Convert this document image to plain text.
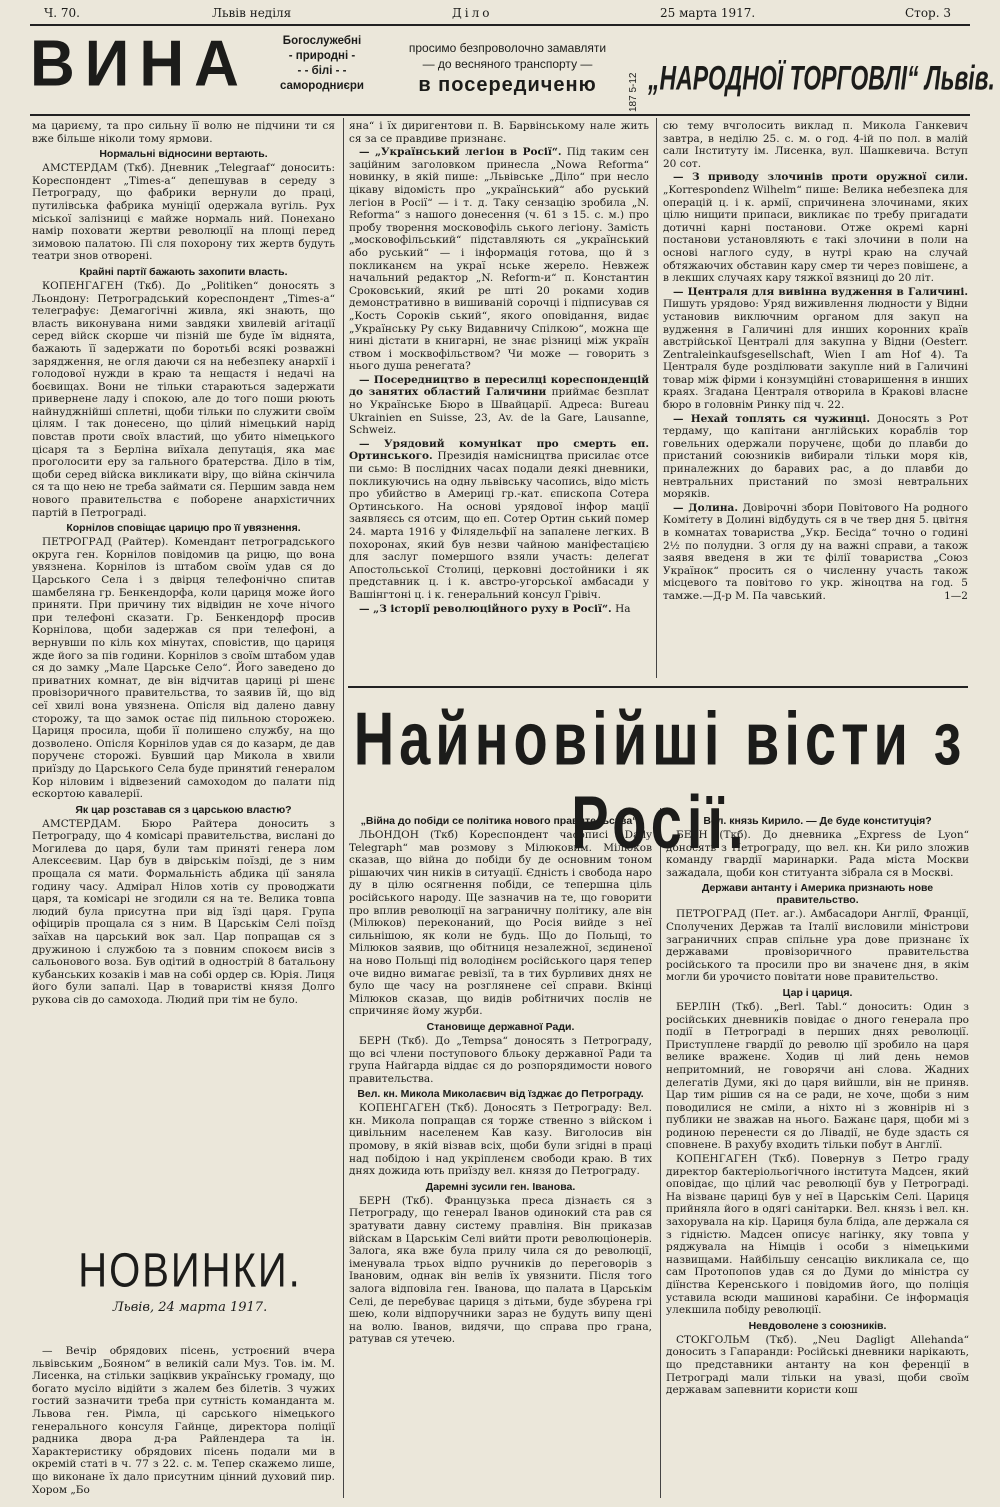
Ч. 70.	Львів неділя	Діло	25 марта 1917.	Стор. 3
ВИНА	Богослужебні
- природні -
- - білі - -
самородниєри
просимо безпроволочно замавляти
— до весняного транспорту —
в посередиченю	187 5-12 „НАРОДНОЇ ТОРГОВЛІ“ Львів.

ма цариєму, та про сильну її волю не підчини ти ся вже більше ніколи тому ярмови.

Нормальні відносини вертають.

АМСТЕРДАМ (Ткб). Дневник „Telegraaf“ доносить: Кореспондент „Times-a“ депешував в середу з Петрограду, що фабрики вернули до праці, путилівська фабрика муніції одержала вугіль. Рух міської залізниці є майже нормаль ний. Понехано намір поховати жертви революції на площі перед зимовою палатою. Пі сля похорону тих жертв будуть театри знов отворені.

Крайні партії бажають захопити власть.

КОПЕНГАГЕН (Ткб). До „Politiken“ доносять з Льондону: Петроградський кореспондент „Times-a“ телеграфує: Демагогічні живла, які знають, що власть виконувана ними завдяки хвилевій агітації серед війск скорше чи пізній ше буде їм віднята, бажають її задержати по боротьбі всякі розважні зарядження, не огля даючи ся на небезпеку анархії і голодової нужди в краю та нещастя і недачі на боєвищах. Вони не тільки стараються задержати привернене ладу і спокою, але до того поши рюють найнуджнійші сплетні, щоби тільки по служити своїм цілям. І так донесено, що цілий німецький нарід повстав проти своїх властий, що убито німецького цісаря та з Берліна виїхала депутація, яка має проголосити еру за гального братерства. Діло в тім, щоби серед війска викликати віру, що війна скінчила ся та що нею не треба займати ся. Першим завда нем нового правительства є поборене анархістичних партій в Петрограді.

Корнілов сповіщає царицю про її увязнення.

ПЕТРОГРАД (Райтер). Комендант петроградського округа ген. Корнілов повідомив ца рицю, що вона увязнена. Корнілов із штабом своїм удав ся до Царського Села і з двірця телефонічно спитав шамбеляна гр. Бенкендорфа, коли цариця може його приняти. При причину тих відвідин не хоче нічого при телефоні сказати. Гр. Бенкендорф просив Корнілова, щоби задержав ся при телефоні, а вернувши по кіль кох мінутах, сповістив, що цариця жде його за пів години. Корнілов з своїм штабом удав ся до замку „Мале Царське Село“. Його заведено до приватних комнат, де він відчитав цариці рі шенє провізоричного правительства, то заявив їй, що від сеї хвилі вона увязнена. Опісля від далено давну сторожу, та що замок остає під пильною сторожею. Цариця просила, щоби її полишено службу, на що дозволено. Опісля Корнілов удав ся до казарм, де дав порученє сторожі. Бувший цар Микола в хвили приїзду до Царського Села буде принятий генералом Кор ніловим і відвезений самоходом до палати під ескортою кавалерії.

Як цар розставав ся з царською властю?

АМСТЕРДАМ. Бюро Райтера доносить з Петрограду, що 4 комісарі правительства, вислані до Могилева до царя, були там приняті генера лом Алексеєвим. Цар був в двірськім поїзді, де з ним прощала ся мати. Формальність абдика ції заняла годину часу. Адмірал Нілов хотів су проводжати царя, та комісарі не згодили ся на те. Велика товпа людий була присутна при від їзді царя. Група офіцирів прощала ся з ним. В Царськім Селі поїзд заїхав на царський вок зал. Цар попращав ся з дружиною і службою та з повним спокоєм висів з сальонового воза. Був одітий в однострій 8 батальону кубанських козаків і мав на собі ордер св. Юрія. Лиця його були запалі. Цар в товаристві князя Долго рукова сів до самохода. Людий при тім не було.

НОВИНКИ.
Львів, 24 марта 1917.

— Вечір обрядових пісень, устроєний вчера львівським „Бояном“ в великій сали Муз. Тов. ім. М. Лисенка, на стільки заціквив українську громаду, що богато мусіло відійти з жалем без білетів. З чужих гостий зазначити треба при сутність команданта м. Львова ген. Рімла, ці сарського німецького генерального консуля Гайнце, директора поліції радника двора д-ра Райлендера та ін. Характеристику обрядових пісень подали ми в окремій статі в ч. 77 з 22. с. м. Тепер скажемо лише, що виконане їх дало присутним цінний духовий пир. Хором „Бо

яна“ і їх диригентови п. В. Барвінському нале жить ся за се правдиве признанє.

— „Український легіон в Росії“. Під таким сен заційним заголовком принесла „Nowa Reforma“ новинку, в якій пише: „Львівське „Діло“ при несло цікаву відомість про „український“ або руський легіон в Росії“ — і т. д. Таку сензацію зробила „N. Reforma“ з нашого донесення (ч. 61 з 15. с. м.) про пробу творення московофіль ського легіону. Замість „московофільський“ підставляють ся „український або руський“ — і інформація готова, що й з покликанєм на украї нське жерело. Невжеж начальний редактор „N. Reform-и“ п. Константин Сроковський, який ре шті 20 роками ходив демонстративно в вишиваній сорочці і підписував ся „Кость Сороків ський“, якого оповідання, видає „Українську Ру ську Видавничу Спілкою“, можна ще нині дістати в книгарні, не знає різниці між україн ством і москвофільством? Чи може — говорить з нього душа ренегата?

— Посередництво в пересилці кореспонденцій до занятих областий Галичини приймає безплат но Українське Бюро в Швайцарії. Адреса: Bureau Ukrainien en Suisse, 23, Av. de la Gare, Lausanne, Schweiz.

— Урядовий комунікат про смерть еп. Ортинського. Президія намісництва присилає отсе пи сьмо: В послідних часах подали деякі дневники, покликуючись на одну львівську часопись, відо мість про убийство в Америці гр.-кат. єпископа Сотера Ортинського. На основі урядової інфор мації заявляєсь ся отсим, що еп. Сотер Ортин ський помер 24. марта 1916 у Філядельфії на запалене легких. В похоронах, який був незви чайною маніфестацією для заслуг помершого взяли участь: делегат Апостольської Столиці, церковні достойники і як представник ц. і к. австро-угорської амбасади у Вашінгтоні ц. і к. генеральний консул Грівіч.

— „З історії революційного руху в Росії“. На

сю тему вчголосить виклад п. Микола Ганкевич завтра, в неділю 25. с. м. о год. 4-ій по пол. в малій сали Інституту ім. Лисенка, вул. Шашкевича. Вступ 20 сот.

— З приводу злочинів проти оружної сили. „Korrespondenz Wilhelm“ пише: Велика небезпека для операцій ц. і к. армії, спричинена злочинами, яких цілю нищити припаси, викликає по требу пригадати дотичні карні постанови. Отже окремі карні постанови установляють є такі злочини в поли на основі наглого суду, в нутрі краю на случай обтяжаючих обставин кару смер ти через повішенє, а в лекших случаях кару тяжкої вязниці до 20 літ.

— Централя для вивінна вудження в Галичині. Пишуть урядово: Уряд виживлення людности у Відни установив виключним органом для закуп на вудження в Галичині для инших коронних країв австрійської Централі для закупна у Відни (Oesterr. Zentraleinkaufsgesellschaft, Wien I am Hof 4). Та Централя буде розділювати закупле ний в Галичині товар між фірми і конзумційні стоваришення в инших краях. Згадана Централя отворила в Кракові власне бюро в головнім Ринку під ч. 22.

— Нехай топлять ся чужинці. Доносять з Рот тердаму, що капітани англійських кораблів тор говельних одержали порученє, щоби до плавби до пристаний союзників вибирали тільки моря ків, приналежних до баравих рас, а до плавби до невтральних пристаний по змозі невтральних моряків.

— Долина. Довірочні збори Повітового На родного Комітету в Долині відбудуть ся в че твер дня 5. цвітня в комнатах товариства „Укр. Бесіда“ точно о годині 2½ по полудни. З огля ду на важні справи, а також заявя введеня в жи тє філії товариства „Союз Українок“ просить ся о численну участь також місцевого та повітово го укр. жіноцтва на год. 5 тамже.—Д-р М. Па чавський.	1—2

Найновійші вісти з Росії.
„Війна до побіди се політика нового правительства“.

ЛЬОНДОН (Ткб) Кореспондент часописі „Daily Telegraph“ мав розмову з Мілюковим. Мілюков сказав, що війна до побіди бу де основним тоном рішаючих чин ників в ситуації. Єдність і свобода наро ду в цілю осягнення побіди, се тепершна ціль російського народу. Ще зазначив на те, що говорити про вплив революції на заграничну політику, але він (Мілюков) переконаний, що Росія вийде з неї сильнішою, як коли не будь. Що до Польщі, то Мілюков заявив, що обітниця незалежної, зєдиненої на ново Польщі під володінєм російського царя тепер оче видно вимагає ревізії, та в тих бурливих днях не було ще часу на розглянене сеї справи. Вкінці Мілюков сказав, що видів робітничих послів не спричиняє йому журби.

Становище державної Ради.

БЕРН (Ткб). До „Tempsa“ доносять з Петрограду, що всі члени поступового бльоку державної Ради та група Найгарда віддає ся до розпорядимости нового правительства.

Вел. кн. Микола Миколаєвич від їзджає до Петрограду.

КОПЕНГАГЕН (Ткб). Доносять з Петрограду: Вел. кн. Микола попращав ся торже ственно з війском і цивільним населенем Кав казу. Виголосив він промову, в якій візвав всіх, щоби були згідні в праці над побідою і над укріпленєм свободи краю. В тих днях дожида ють приїзду вел. князя до Петрограду.

Даремні зусили ген. Іванова.

БЕРН (Ткб). Французька преса дізнаєть ся з Петрограду, що генерал Іванов одинокий ста рав ся зратувати давну систему правліня. Він приказав війскам в Царськім Селі вийти проти революціонерів. Залога, яка вже була прилу чила ся до революції, іменувала трьох відпо ручників до переговорів з Івановим, однак він велів їх увязнити. Після того залога відповіла ген. Іванова, що палата в Царськім Селі, де перебуває цариця з дітьми, буде збурена грі шею, коли відпоручники зараз не будуть випу щені на волю. Іванов, видячи, що справа про грана, ратував ся утечею.

Вел. князь Кирило. — Де буде конституція?

БЕРН (Ткб). До дневника „Express de Lyon“ доносять з Петрограду, що вел. кн. Ки рило зложив команду гвардії маринарки. Рада міста Москви зажадала, щоби кон ституанта зібрала ся в Москві.

Держави антанту і Америка признають нове правительство.

ПЕТРОГРАД (Пет. аг.). Амбасадори Англії, Франції, Сполучених Держав та Італії висловили міністрови заграничних справ спільне ура дове признанє їх державами провізоричного правительства російського та просили про ви значенє дня, в якім могли би урочисто повітати нове правительство.

Цар і цариця.

БЕРЛІН (Ткб). „Berl. Tabl.“ доносить: Один з російських дневників повідає о дного генерала про події в Петрограді в перших днях революції. Приступлене гвардії до револю ції зробило на царя велике враженє. Ходив ці лий день немов непритомний, не говорячи ані слова. Жадних делегатів Думи, які до царя вийшли, він не приняв. Цар тим рішив ся на се ради, не хоче, щоби з ним поводилися не сміли, а ніхто ні з жовнірів ні з публики не зважав на нього. Бажанє царя, щоби мі з родиною перенести ся до Лівадії, не буде здасть ся сповнене. В рахубу входить тільки побут в Англії.

КОПЕНГАГЕН (Ткб). Повернув з Петро граду директор бактеріольогічного інститута Мадсен, який оповідає, що цілий час революції був у Петрограді. На візванє цариці був у неї в Царськім Селі. Цариця прийняла його в одягі санітарки. Вел. князь і вел. кн. захорувала на кір. Цариця була бліда, але держала ся з гідністю. Мадсен описує нагінку, яку товпа у ряджувала на Німців і особи з німецькими назвищами. Найбільшу сенсацію викликала се, що сам Протопопов удав ся до Думи до міністра су діїнства Керенського і повідомив його, що поліція уставила всюди машинові карабіни. Се інформація улекшила побіду революції.

Невдоволене з союзників.

СТОКГОЛЬМ (Ткб). „Neu Dagligt Allehanda“ доносить з Гапаранди: Російські дневники нарікають, що представники антанту на кон ференції в Петрограді мали тільки на увазі, щоби своїм державам запевнити користи кош
